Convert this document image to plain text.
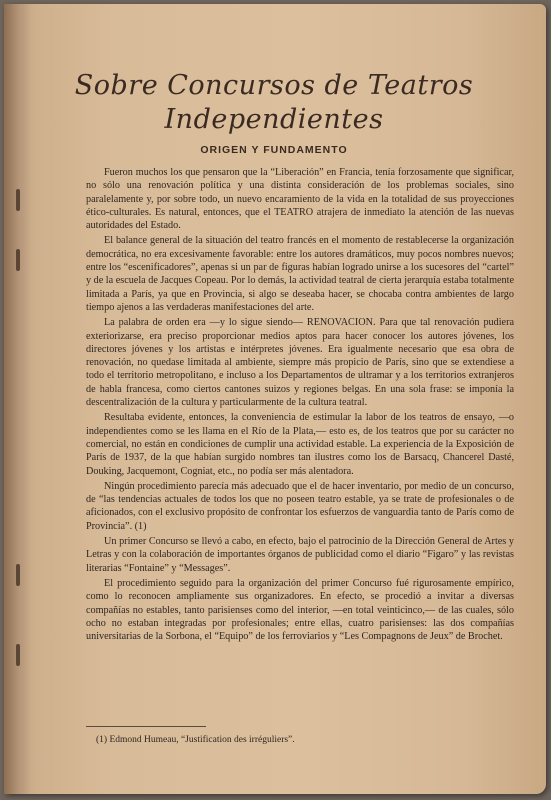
Sobre Concursos de Teatros
Independientes
ORIGEN Y FUNDAMENTO

Fueron muchos los que pensaron que la “Liberación” en Francia, tenía forzosamente que significar, no sólo una renovación política y una distinta consideración de los problemas sociales, sino paralelamente y, por sobre todo, un nuevo encaramiento de la vida en la totalidad de sus proyecciones ético-culturales. Es natural, entonces, que el TEATRO atrajera de inmediato la atención de las nuevas autoridades del Estado.

El balance general de la situación del teatro francés en el momento de restablecerse la organización democrática, no era excesivamente favorable: entre los autores dramáticos, muy pocos nombres nuevos; entre los “escenificadores”, apenas si un par de figuras habían logrado unirse a los sucesores del “cartel” y de la escuela de Jacques Copeau. Por lo demás, la actividad teatral de cierta jerarquía estaba totalmente limitada a París, ya que en Provincia, si algo se deseaba hacer, se chocaba contra ambientes de largo tiempo ajenos a las verdaderas manifestaciones del arte.

La palabra de orden era —y lo sigue siendo— RENOVACION. Para que tal renovación pudiera exteriorizarse, era preciso proporcionar medios aptos para hacer conocer los autores jóvenes, los directores jóvenes y los artistas e intérpretes jóvenes. Era igualmente necesario que esa obra de renovación, no quedase limitada al ambiente, siempre más propicio de París, sino que se extendiese a todo el territorio metropolitano, e incluso a los Departamentos de ultramar y a los territorios extranjeros de habla francesa, como ciertos cantones suizos y regiones belgas. En una sola frase: se imponía la descentralización de la cultura y particularmente de la cultura teatral.

Resultaba evidente, entonces, la conveniencia de estimular la labor de los teatros de ensayo, —o independientes como se les llama en el Río de la Plata,— esto es, de los teatros que por su carácter no comercial, no están en condiciones de cumplir una actividad estable. La experiencia de la Exposición de París de 1937, de la que habían surgido nombres tan ilustres como los de Barsacq, Chancerel Dasté, Douking, Jacquemont, Cogniat, etc., no podía ser más alentadora.

Ningún procedimiento parecía más adecuado que el de hacer inventario, por medio de un concurso, de “las tendencias actuales de todos los que no poseen teatro estable, ya se trate de profesionales o de aficionados, con el exclusivo propósito de confrontar los esfuerzos de vanguardia tanto de París como de Provincia”. (1)

Un primer Concurso se llevó a cabo, en efecto, bajo el patrocinio de la Dirección General de Artes y Letras y con la colaboración de importantes órganos de publicidad como el diario “Figaro” y las revistas literarias “Fontaine” y “Messages”.

El procedimiento seguido para la organización del primer Concurso fué rigurosamente empírico, como lo reconocen ampliamente sus organizadores. En efecto, se procedió a invitar a diversas compañías no estables, tanto parisienses como del interior, —en total veinticinco,— de las cuales, sólo ocho no estaban integradas por profesionales; entre ellas, cuatro parisienses: las dos compañías universitarias de la Sorbona, el “Equipo” de los ferroviarios y “Les Compagnons de Jeux” de Brochet.

(1) Edmond Humeau, “Justification des irréguliers”.
